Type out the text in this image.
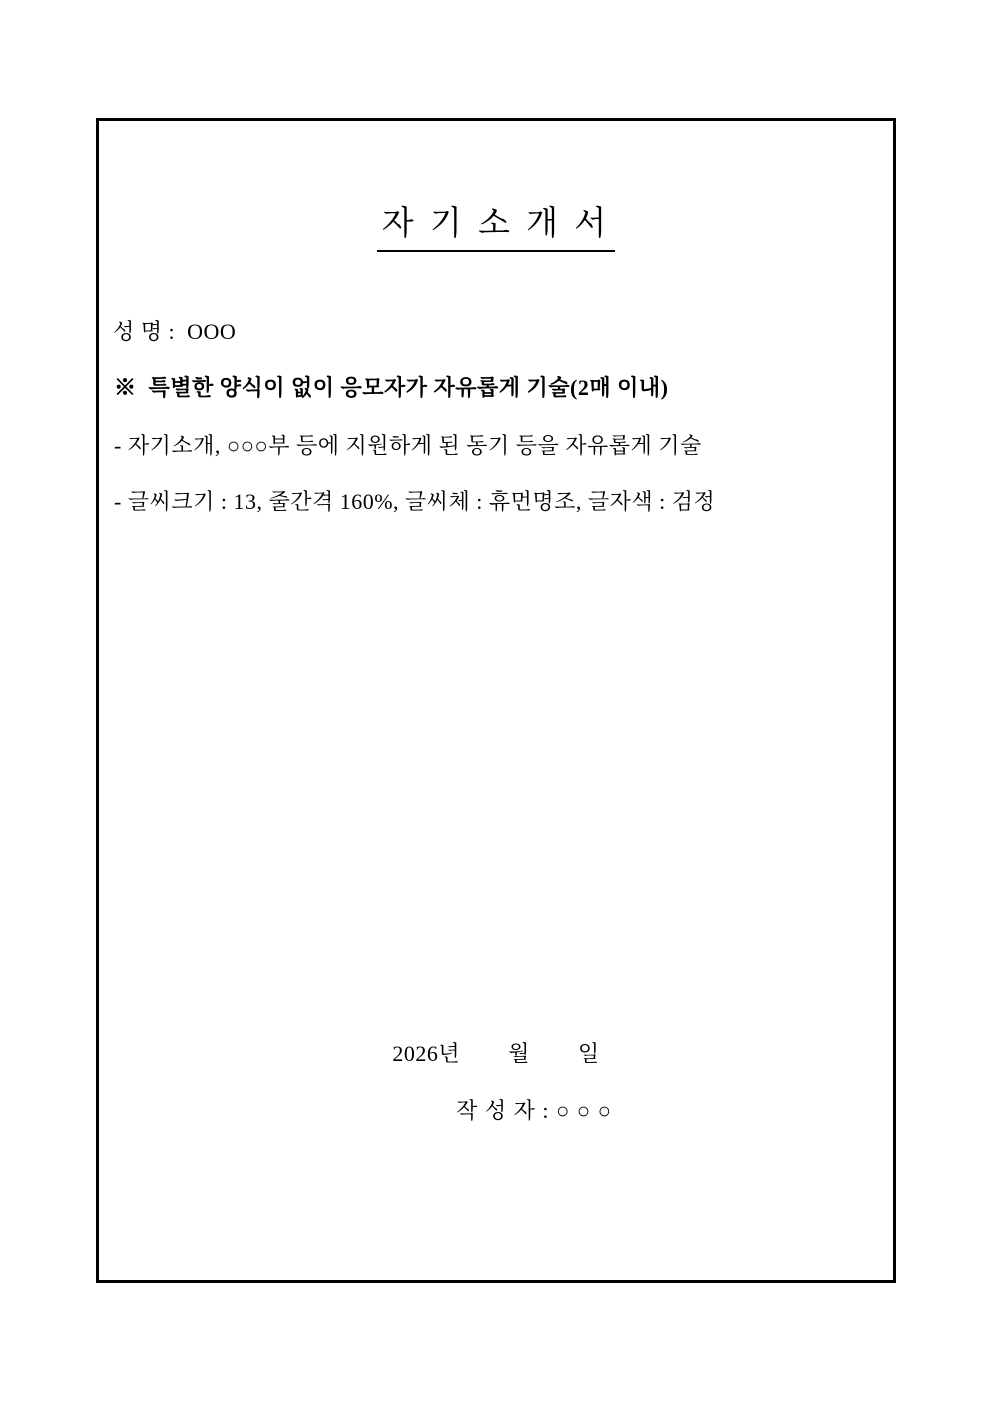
자 기 소 개 서
성 명 :  OOO
※  특별한 양식이 없이 응모자가 자유롭게 기술(2매 이내)
- 자기소개, ○○○부 등에 지원하게 된 동기 등을 자유롭게 기술
- 글씨크기 : 13, 줄간격 160%, 글씨체 : 휴먼명조, 글자색 : 검정
2026년        월        일
작 성 자 : ○ ○ ○
